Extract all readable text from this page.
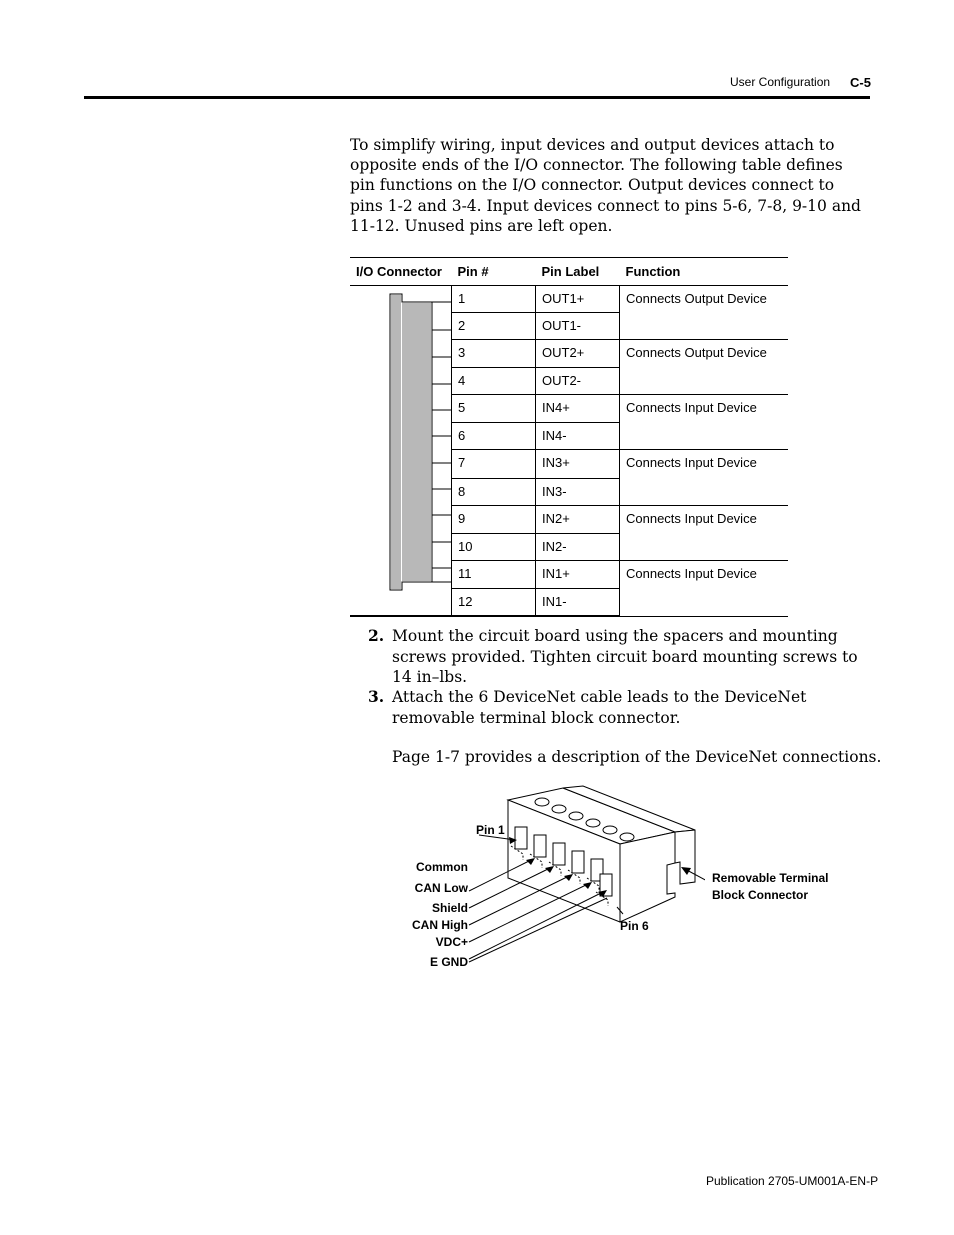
User Configuration C-5

To simplify wiring, input devices and output devices attach to opposite ends of the I/O connector. The following table defines pin functions on the I/O connector. Output devices connect to pins 1-2 and 3-4. Input devices connect to pins 5-6, 7-8, 9-10 and 11-12. Unused pins are left open.

I/O Connector	Pin #	Pin Label	Function
	1	OUT1+	Connects Output Device
	2	OUT1-	
	3	OUT2+	Connects Output Device
	4	OUT2-	
	5	IN4+	Connects Input Device
	6	IN4-	
	7	IN3+	Connects Input Device
	8	IN3-	
	9	IN2+	Connects Input Device
	10	IN2-	
	11	IN1+	Connects Input Device
	12	IN1-	
2. Mount the circuit board using the spacers and mounting screws provided. Tighten circuit board mounting screws to 14 in–lbs.
3. Attach the 6 DeviceNet cable leads to the DeviceNet removable terminal block connector.
Page 1-7 provides a description of the DeviceNet connections.
Pin 1
Pin 6
Common
CAN Low
Shield
CAN High
VDC+
E GND
Removable Terminal
Block Connector
Publication 2705-UM001A-EN-P
